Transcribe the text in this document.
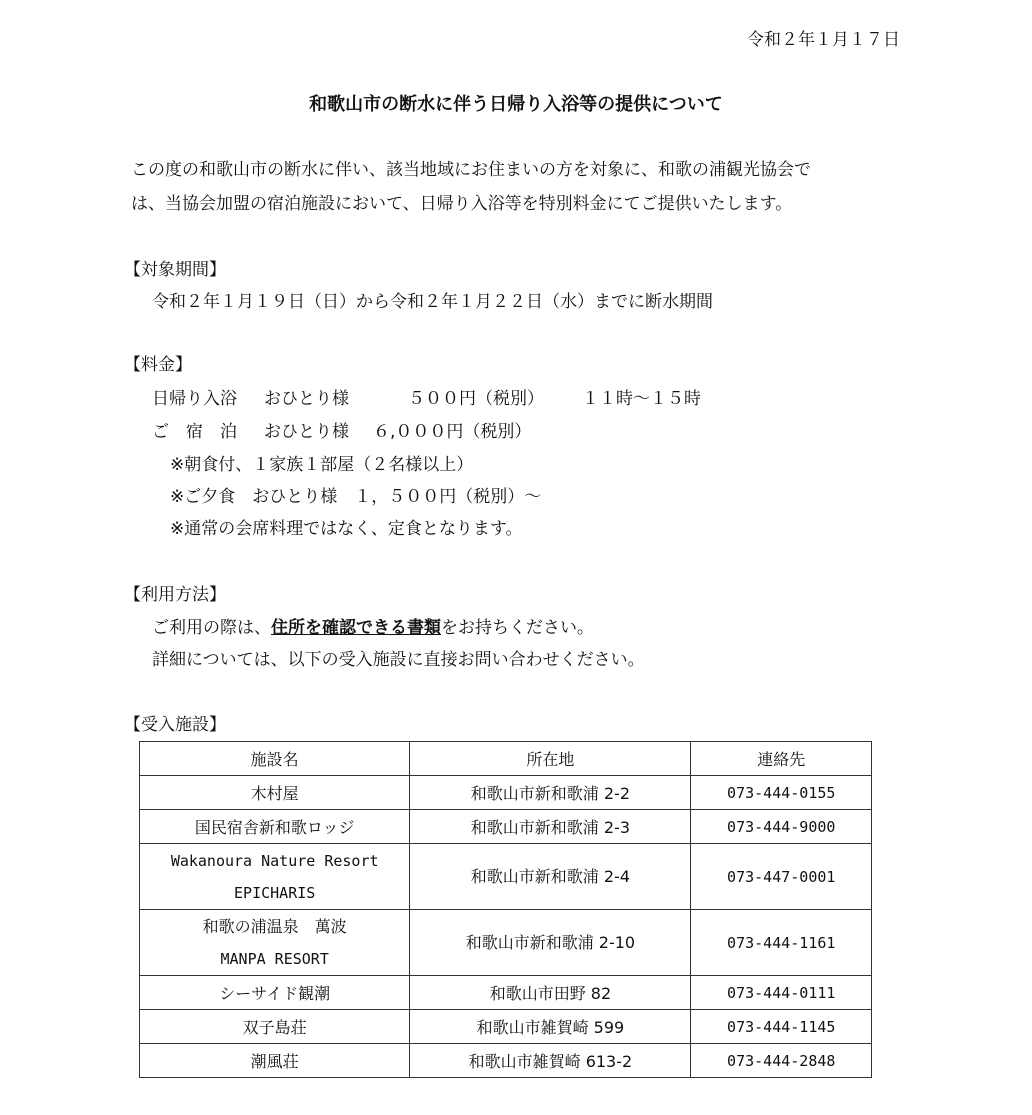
令和２年１月１７日
和歌山市の断水に伴う日帰り入浴等の提供について
この度の和歌山市の断水に伴い、該当地域にお住まいの方を対象に、和歌の浦観光協会で
は、当協会加盟の宿泊施設において、日帰り入浴等を特別料金にてご提供いたします。
【対象期間】
令和２年１月１９日（日）から令和２年１月２２日（水）までに断水期間
【料金】
日帰り入浴 おひとり様	５００円（税別） １１時～１５時
ご　宿　泊 おひとり様 ６,０００円（税別）
※朝食付、１家族１部屋（２名様以上）
※ご夕食　おひとり様　１，５００円（税別）～
※通常の会席料理ではなく、定食となります。
【利用方法】
ご利用の際は、住所を確認できる書類をお持ちください。
詳細については、以下の受入施設に直接お問い合わせください。
【受入施設】
施設名	所在地	連絡先
木村屋	和歌山市新和歌浦 2-2	073-444-0155
国民宿舎新和歌ロッジ	和歌山市新和歌浦 2-3	073-444-9000

Wakanoura Nature Resort
EPICHARIS	和歌山市新和歌浦 2-4	073-447-0001

和歌の浦温泉　萬波
MANPA RESORT	和歌山市新和歌浦 2-10	073-444-1161
シーサイド観潮	和歌山市田野 82	073-444-0111
双子島荘	和歌山市雑賀崎 599	073-444-1145
潮風荘	和歌山市雑賀崎 613-2	073-444-2848
